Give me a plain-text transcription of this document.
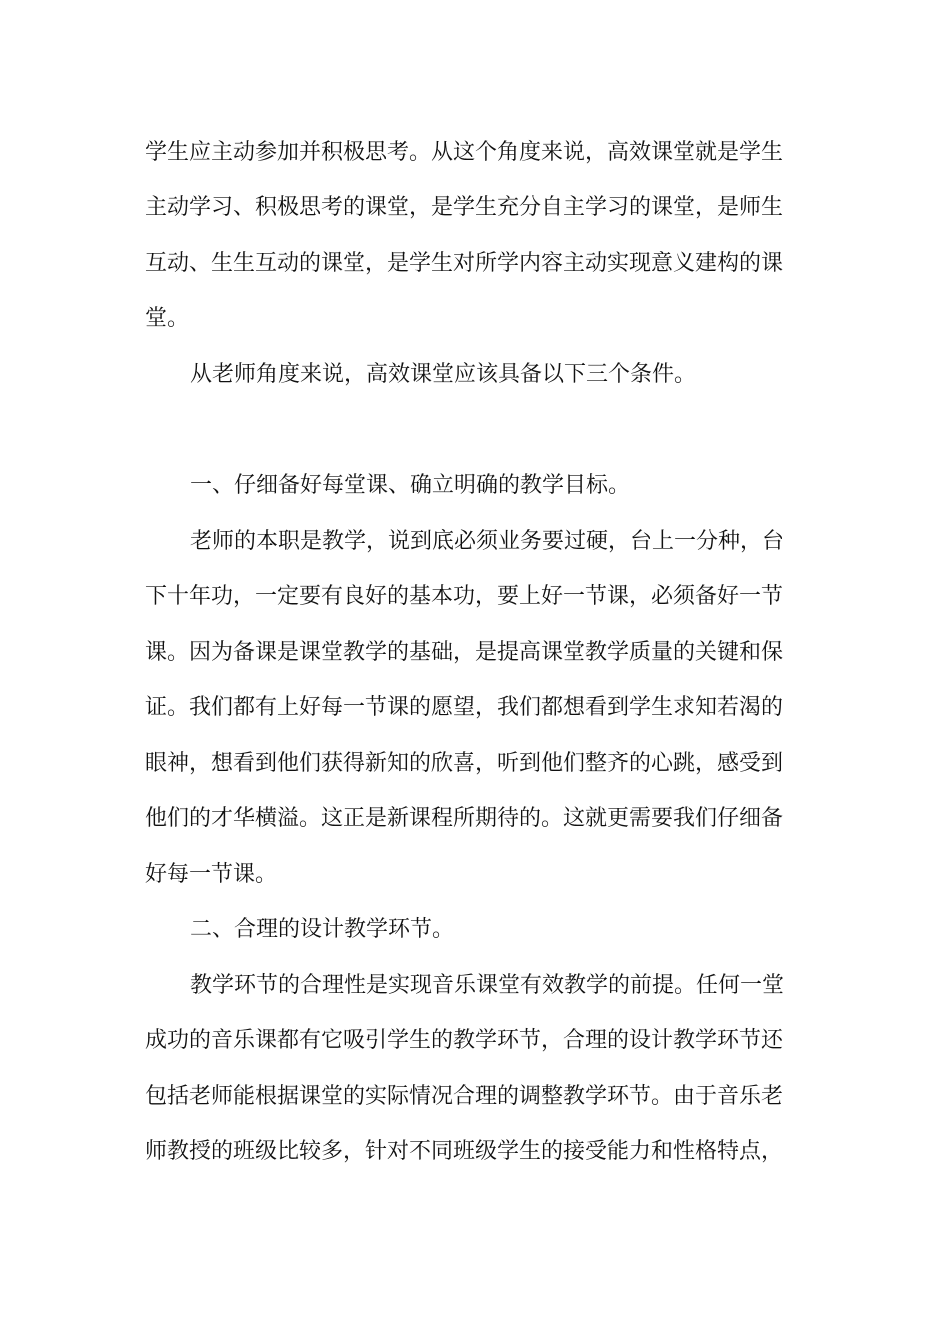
学生应主动参加并积极思考。从这个角度来说，高效课堂就是学生
主动学习、积极思考的课堂，是学生充分自主学习的课堂，是师生
互动、生生互动的课堂，是学生对所学内容主动实现意义建构的课
堂。
从老师角度来说，高效课堂应该具备以下三个条件。
一、仔细备好每堂课、确立明确的教学目标。
老师的本职是教学，说到底必须业务要过硬，台上一分种，台
下十年功，一定要有良好的基本功，要上好一节课，必须备好一节
课。因为备课是课堂教学的基础，是提高课堂教学质量的关键和保
证。我们都有上好每一节课的愿望，我们都想看到学生求知若渴的
眼神，想看到他们获得新知的欣喜，听到他们整齐的心跳，感受到
他们的才华横溢。这正是新课程所期待的。这就更需要我们仔细备
好每一节课。
二、合理的设计教学环节。
教学环节的合理性是实现音乐课堂有效教学的前提。任何一堂
成功的音乐课都有它吸引学生的教学环节，合理的设计教学环节还
包括老师能根据课堂的实际情况合理的调整教学环节。由于音乐老
师教授的班级比较多，针对不同班级学生的接受能力和性格特点，
